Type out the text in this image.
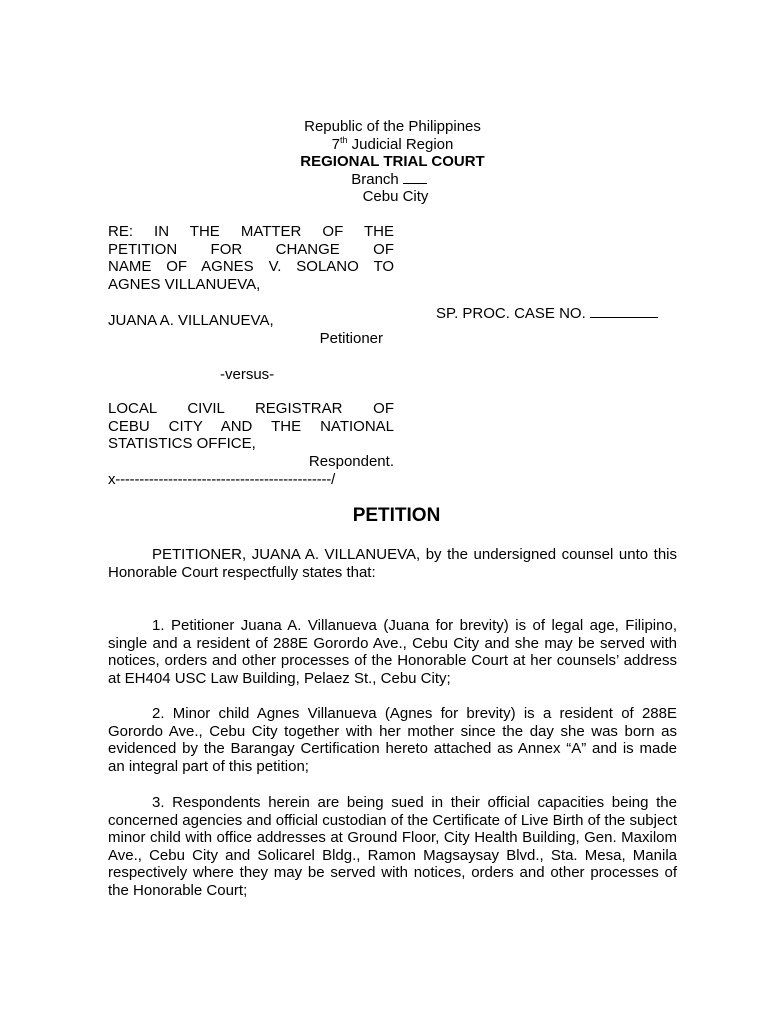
Republic of the Philippines
7th Judicial Region
REGIONAL TRIAL COURT
Branch
Cebu City
RE: IN THE MATTER OF THE
PETITION FOR CHANGE OF
NAME OF AGNES V. SOLANO TO
AGNES VILLANUEVA,
JUANA A. VILLANUEVA,
Petitioner
-versus-
LOCAL CIVIL REGISTRAR OF
CEBU CITY AND THE NATIONAL
STATISTICS OFFICE,
Respondent.
x---------------------------------------------/
SP. PROC. CASE NO.
PETITION
PETITIONER, JUANA A. VILLANUEVA, by the undersigned counsel unto this Honorable Court respectfully states that:
1. Petitioner Juana A. Villanueva (Juana for brevity) is of legal age, Filipino, single and a resident of 288E Gorordo Ave., Cebu City and she may be served with notices, orders and other processes of the Honorable Court at her counsels’ address at EH404 USC Law Building, Pelaez St., Cebu City;
2. Minor child Agnes Villanueva (Agnes for brevity) is a resident of 288E Gorordo Ave., Cebu City together with her mother since the day she was born as evidenced by the Barangay Certification hereto attached as Annex “A” and is made an integral part of this petition;
3. Respondents herein are being sued in their official capacities being the concerned agencies and official custodian of the Certificate of Live Birth of the subject minor child with office addresses at Ground Floor, City Health Building, Gen. Maxilom Ave., Cebu City and Solicarel Bldg., Ramon Magsaysay Blvd., Sta. Mesa, Manila respectively where they may be served with notices, orders and other processes of the Honorable Court;
